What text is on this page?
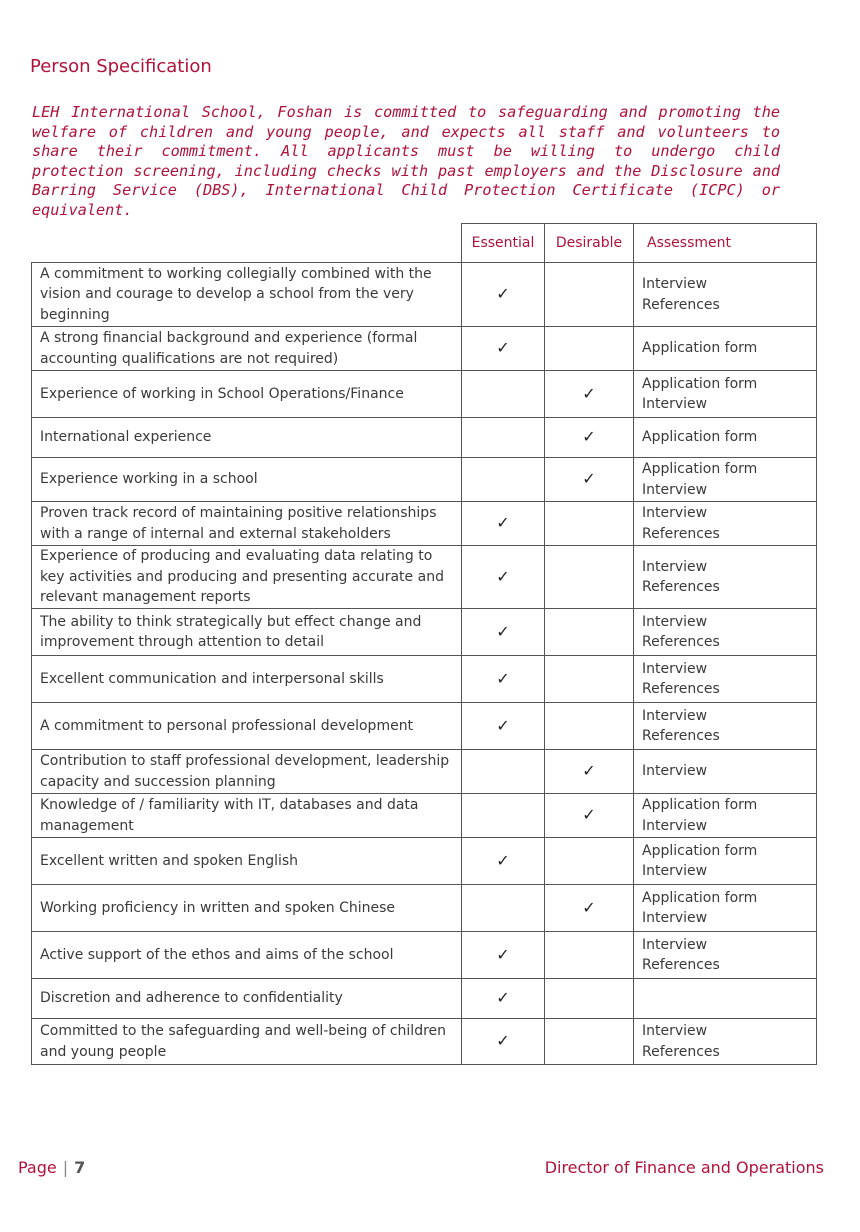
Person Specification

LEH International School, Foshan is committed to safeguarding and promoting the welfare of children and young people, and expects all staff and volunteers to share their commitment. All applicants must be willing to undergo child protection screening, including checks with past employers and the Disclosure and Barring Service (DBS), International Child Protection Certificate (ICPC) or equivalent.

	Essential	Desirable	Assessment
A commitment to working collegially combined with the vision and courage to develop a school from the very beginning	✓		Interview
References

A strong financial background and experience (formal accounting qualifications are not required)	✓		Application form

Experience of working in School Operations/Finance		✓	Application form
Interview

International experience		✓	Application form

Experience working in a school		✓	Application form
Interview

Proven track record of maintaining positive relationships with a range of internal and external stakeholders	✓		Interview
References

Experience of producing and evaluating data relating to key activities and producing and presenting accurate and relevant management reports	✓		Interview
References

The ability to think strategically but effect change and improvement through attention to detail	✓		Interview
References

Excellent communication and interpersonal skills	✓		Interview
References

A commitment to personal professional development	✓		Interview
References

Contribution to staff professional development, leadership capacity and succession planning		✓	Interview

Knowledge of / familiarity with IT, databases and data management		✓	Application form
Interview

Excellent written and spoken English	✓		Application form
Interview

Working proficiency in written and spoken Chinese		✓	Application form
Interview

Active support of the ethos and aims of the school	✓		Interview
References

Discretion and adherence to confidentiality	✓		
Committed to the safeguarding and well-being of children and young people	✓		Interview
References
Page | 7	Director of Finance and Operations
